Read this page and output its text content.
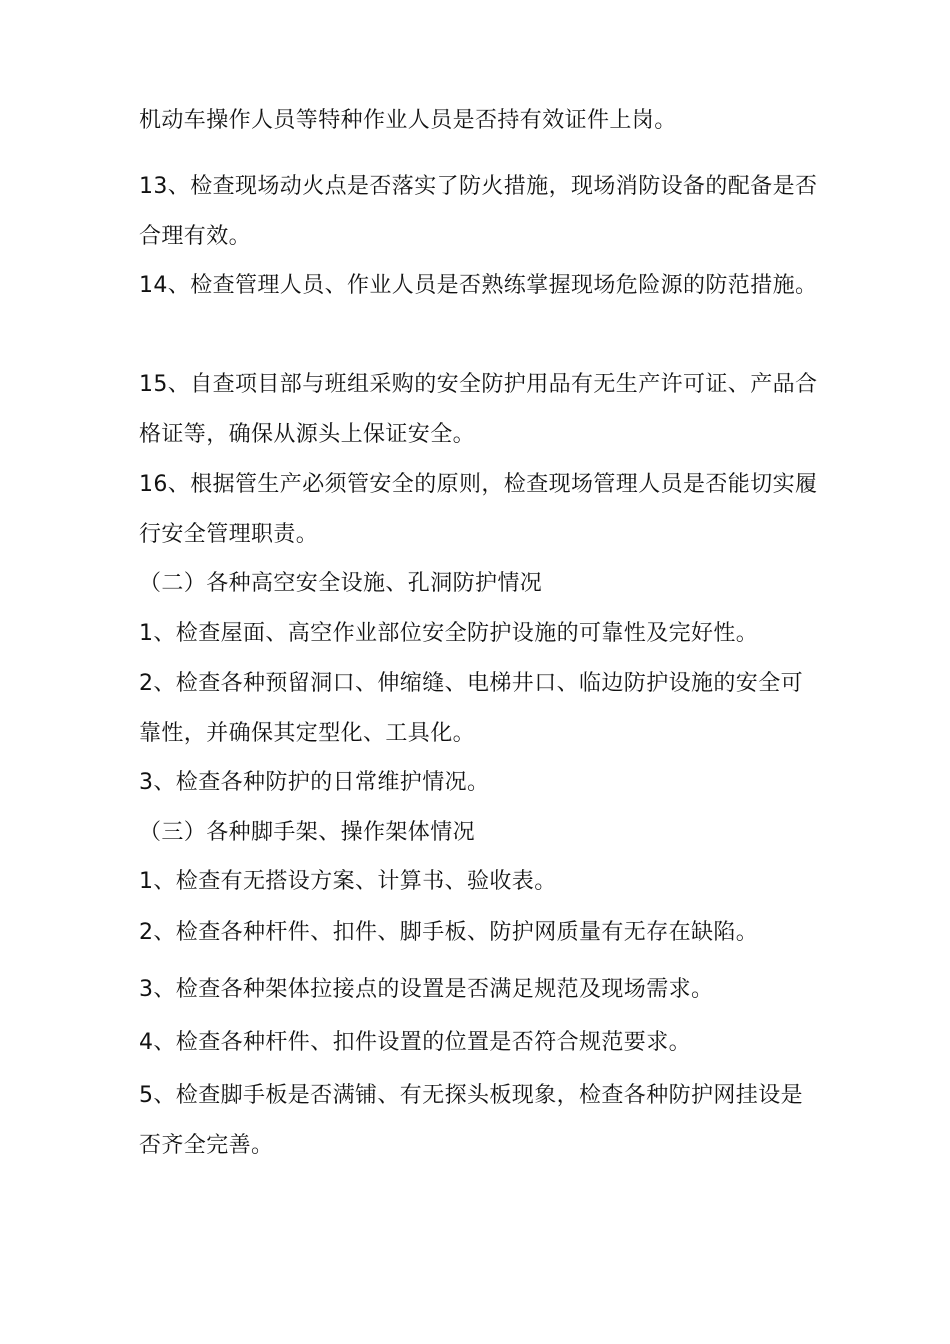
机动车操作人员等特种作业人员是否持有效证件上岗。

13、检查现场动火点是否落实了防火措施，现场消防设备的配备是否合理有效。

14、检查管理人员、作业人员是否熟练掌握现场危险源的防范措施。

15、自查项目部与班组采购的安全防护用品有无生产许可证、产品合格证等，确保从源头上保证安全。

16、根据管生产必须管安全的原则，检查现场管理人员是否能切实履行安全管理职责。

（二）各种高空安全设施、孔洞防护情况

1、检查屋面、高空作业部位安全防护设施的可靠性及完好性。

2、检查各种预留洞口、伸缩缝、电梯井口、临边防护设施的安全可靠性，并确保其定型化、工具化。

3、检查各种防护的日常维护情况。

（三）各种脚手架、操作架体情况

1、检查有无搭设方案、计算书、验收表。

2、检查各种杆件、扣件、脚手板、防护网质量有无存在缺陷。

3、检查各种架体拉接点的设置是否满足规范及现场需求。

4、检查各种杆件、扣件设置的位置是否符合规范要求。

5、检查脚手板是否满铺、有无探头板现象，检查各种防护网挂设是否齐全完善。
